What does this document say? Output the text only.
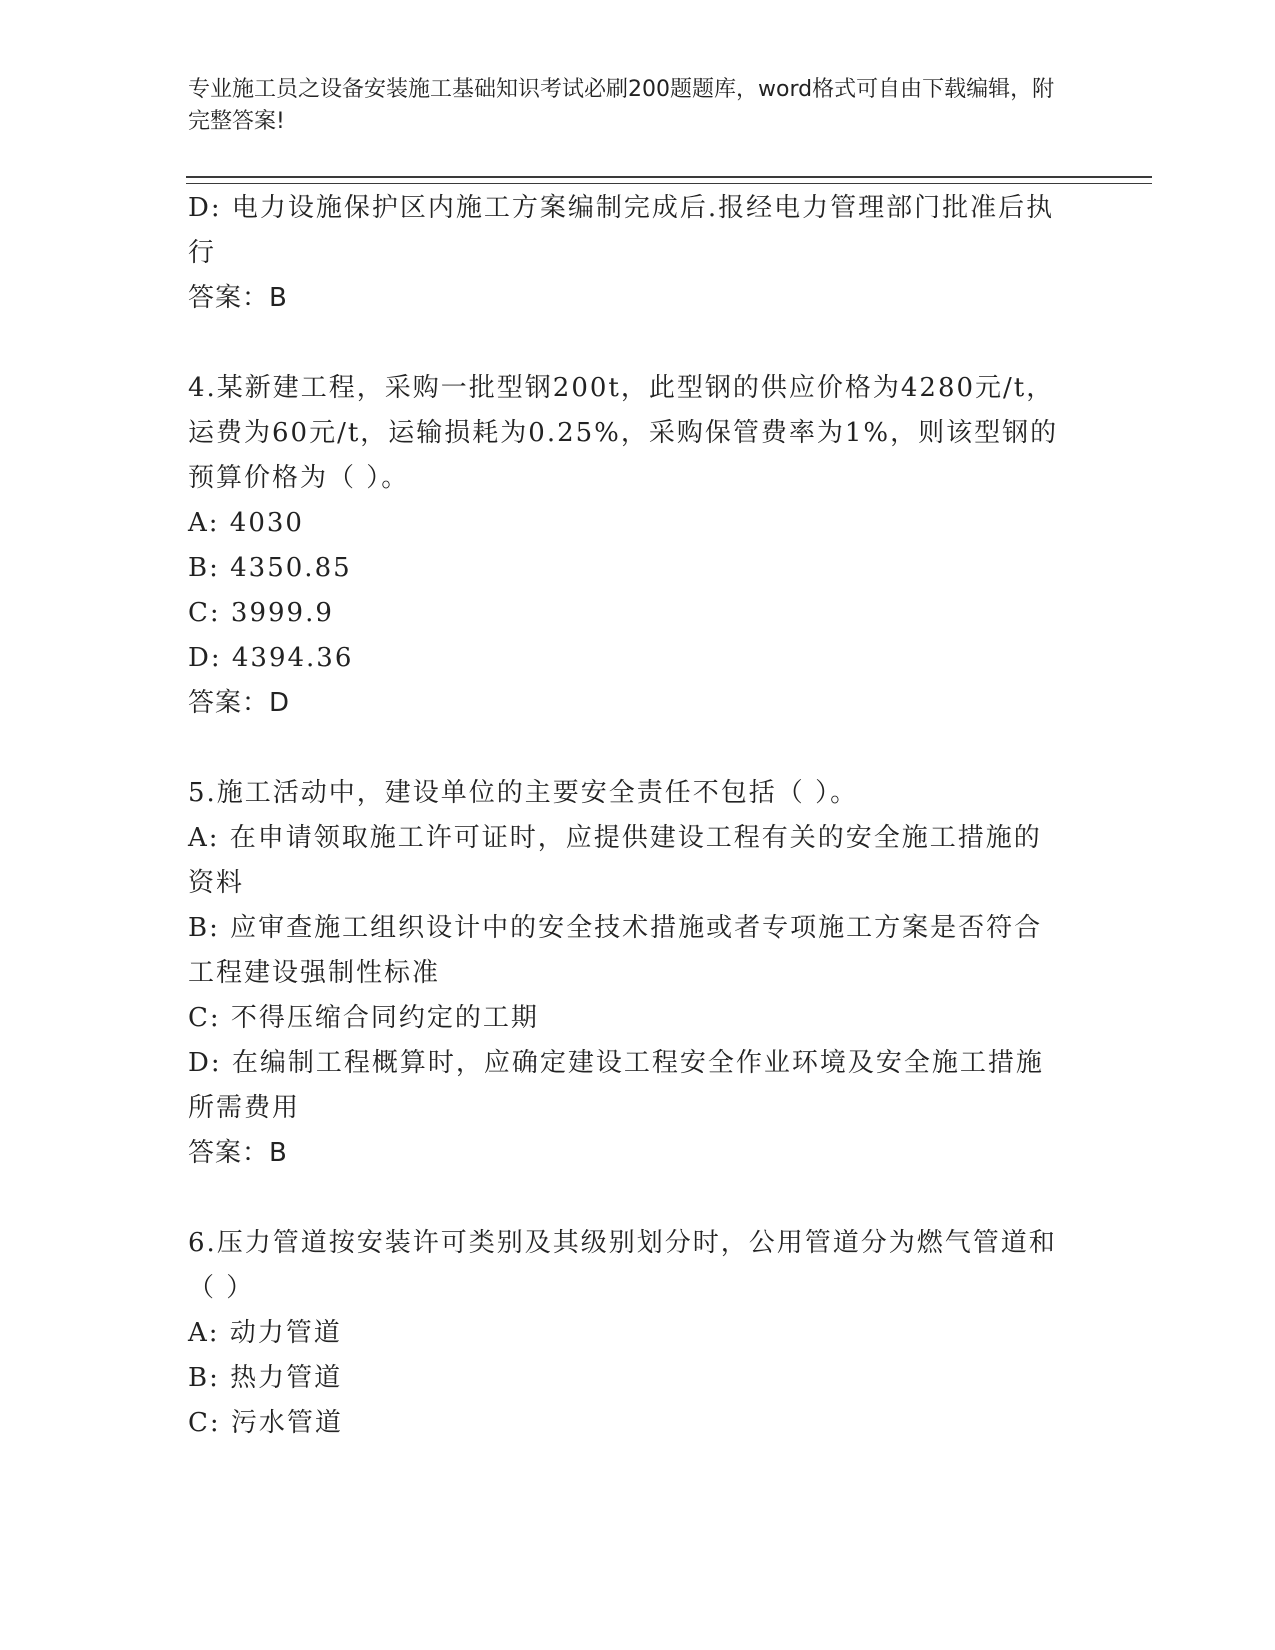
专业施工员之设备安装施工基础知识考试必刷200题题库，word格式可自由下载编辑，附完整答案!
D: 电力设施保护区内施工方案编制完成后.报经电力管理部门批准后执行
答案：B
4.某新建工程，采购一批型钢200t，此型钢的供应价格为4280元/t，运费为60元/t，运输损耗为0.25%，采购保管费率为1%，则该型钢的预算价格为（ ）。
A: 4030
B: 4350.85
C: 3999.9
D: 4394.36
答案：D
5.施工活动中，建设单位的主要安全责任不包括（ ）。
A: 在申请领取施工许可证时，应提供建设工程有关的安全施工措施的资料
B: 应审查施工组织设计中的安全技术措施或者专项施工方案是否符合工程建设强制性标准
C: 不得压缩合同约定的工期
D: 在编制工程概算时，应确定建设工程安全作业环境及安全施工措施所需费用
答案：B
6.压力管道按安装许可类别及其级别划分时，公用管道分为燃气管道和（ ）
A: 动力管道
B: 热力管道
C: 污水管道
